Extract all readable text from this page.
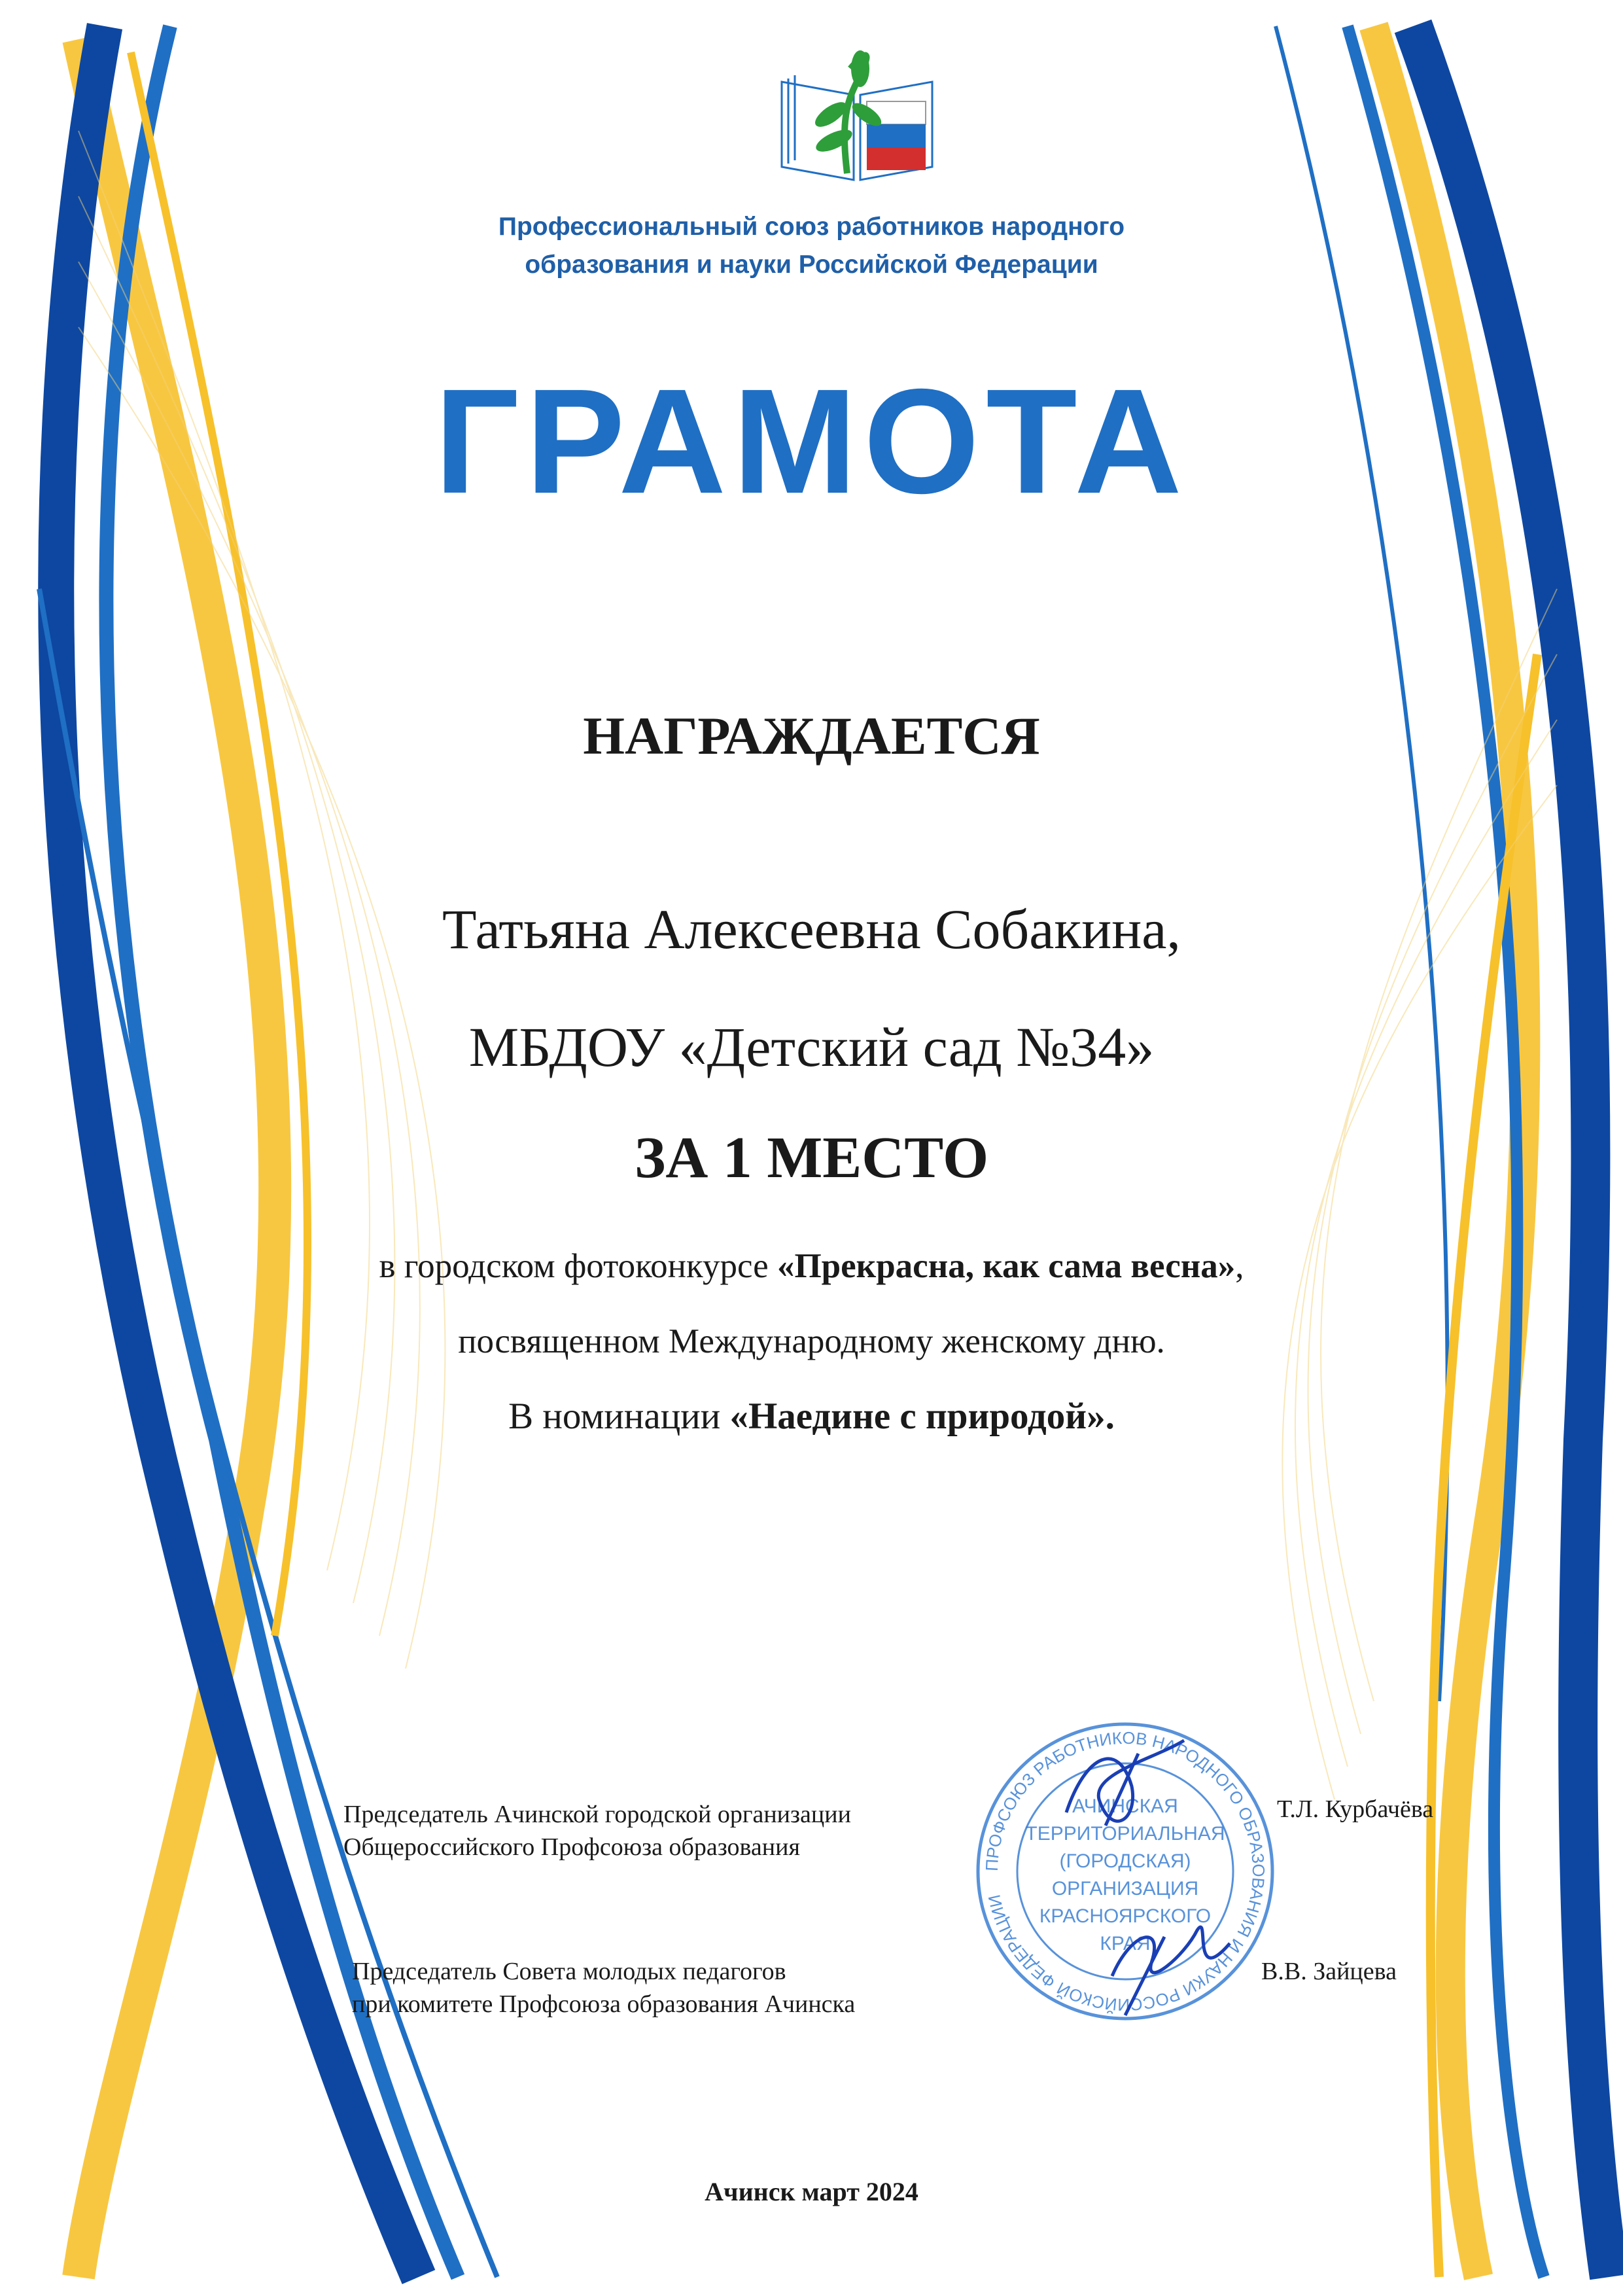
Профессиональный союз работников народного
образования и науки Российской Федерации
ГРАМОТА
НАГРАЖДАЕТСЯ
Татьяна Алексеевна Собакина,
МБДОУ «Детский сад №34»
ЗА 1 МЕСТО
в городском фотоконкурсе «Прекрасна, как сама весна»,
посвященном Международному женскому дню.
В номинации «Наедине с природой».
Председатель Ачинской городской организации
Общероссийского Профсоюза образования
Т.Л. Курбачёва
Председатель Совета молодых педагогов
при комитете Профсоюза образования Ачинска
В.В. Зайцева
ПРОФСОЮЗ РАБОТНИКОВ НАРОДНОГО ОБРАЗОВАНИЯ И НАУКИ РОССИЙСКОЙ ФЕДЕРАЦИИ
АЧИНСКАЯ
ТЕРРИТОРИАЛЬНАЯ
(ГОРОДСКАЯ)
ОРГАНИЗАЦИЯ
КРАСНОЯРСКОГО
КРАЯ
Ачинск март 2024
